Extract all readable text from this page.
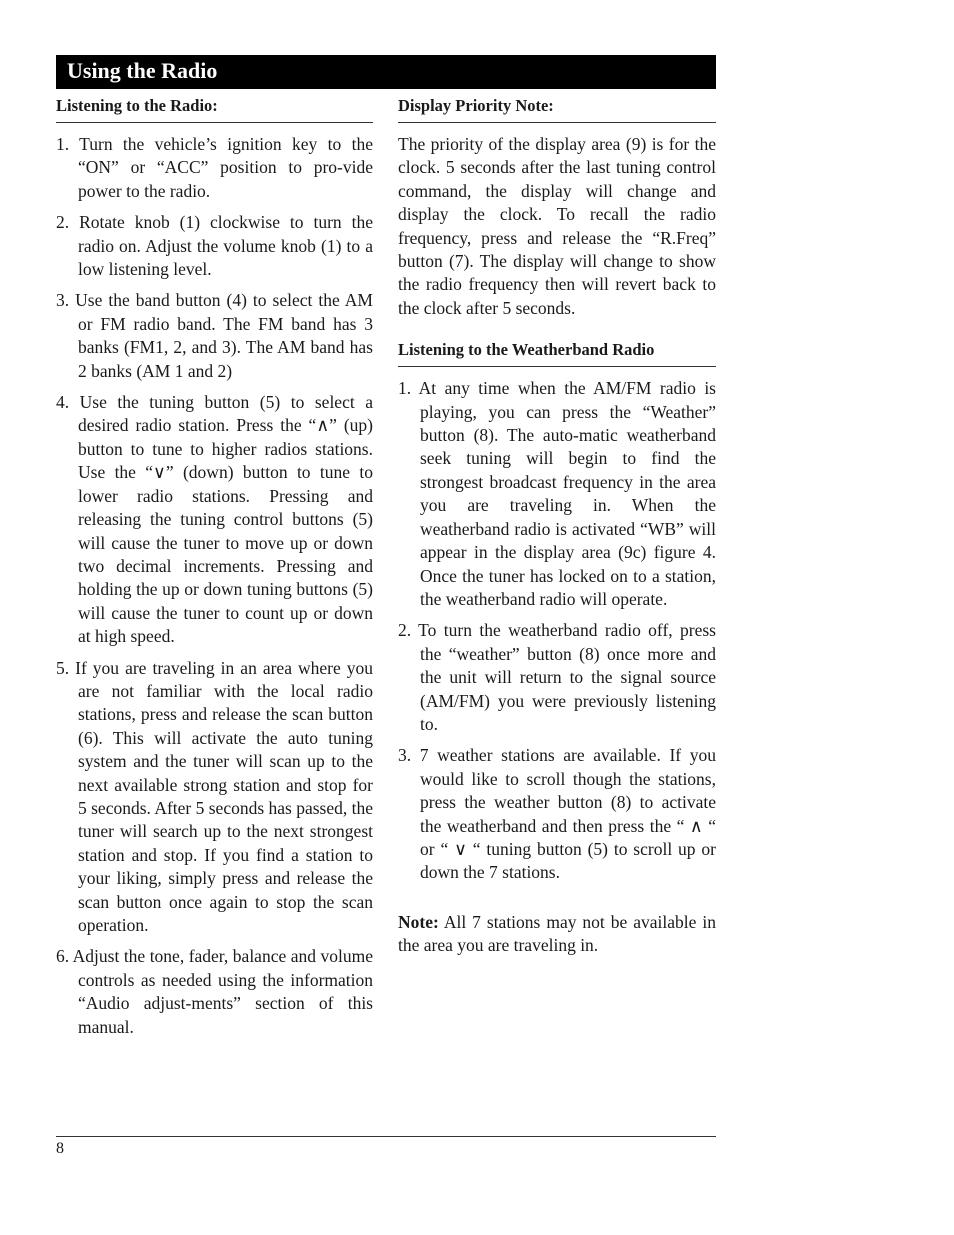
Using the Radio
Listening to the Radio:
1. Turn the vehicle’s ignition key to the “ON” or “ACC” position to pro-vide power to the radio.
2. Rotate knob (1) clockwise to turn the radio on. Adjust the volume knob (1) to a low listening level.
3. Use the band button (4) to select the AM or FM radio band. The FM band has 3 banks (FM1, 2, and 3). The AM band has 2 banks (AM 1 and 2)
4. Use the tuning button (5) to select a desired radio station. Press the “∧” (up) button to tune to higher radios stations. Use the “∨” (down) button to tune to lower radio stations. Pressing and releasing the tuning control buttons (5) will cause the tuner to move up or down two decimal increments. Pressing and holding the up or down tuning buttons (5) will cause the tuner to count up or down at high speed.
5. If you are traveling in an area where you are not familiar with the local radio stations, press and release the scan button (6). This will activate the auto tuning system and the tuner will scan up to the next available strong station and stop for 5 seconds. After 5 seconds has passed, the tuner will search up to the next strongest station and stop. If you find a station to your liking, simply press and release the scan button once again to stop the scan operation.
6. Adjust the tone, fader, balance and volume controls as needed using the information “Audio adjust-ments” section of this manual.
Display Priority Note:

The priority of the display area (9) is for the clock. 5 seconds after the last tuning control command, the display will change and display the clock. To recall the radio frequency, press and release the “R.Freq” button (7). The display will change to show the radio frequency then will revert back to the clock after 5 seconds.

Listening to the Weatherband Radio
1. At any time when the AM/FM radio is playing, you can press the “Weather” button (8). The auto-matic weatherband seek tuning will begin to find the strongest broadcast frequency in the area you are traveling in. When the weatherband radio is activated “WB” will appear in the display area (9c) figure 4. Once the tuner has locked on to a station, the weatherband radio will operate.
2. To turn the weatherband radio off, press the “weather” button (8) once more and the unit will return to the signal source (AM/FM) you were previously listening to.
3. 7 weather stations are available. If you would like to scroll though the stations, press the weather button (8) to activate the weatherband and then press the “ ∧ “ or “ ∨ “ tuning button (5) to scroll up or down the 7 stations.

Note: All 7 stations may not be available in the area you are traveling in.

8
